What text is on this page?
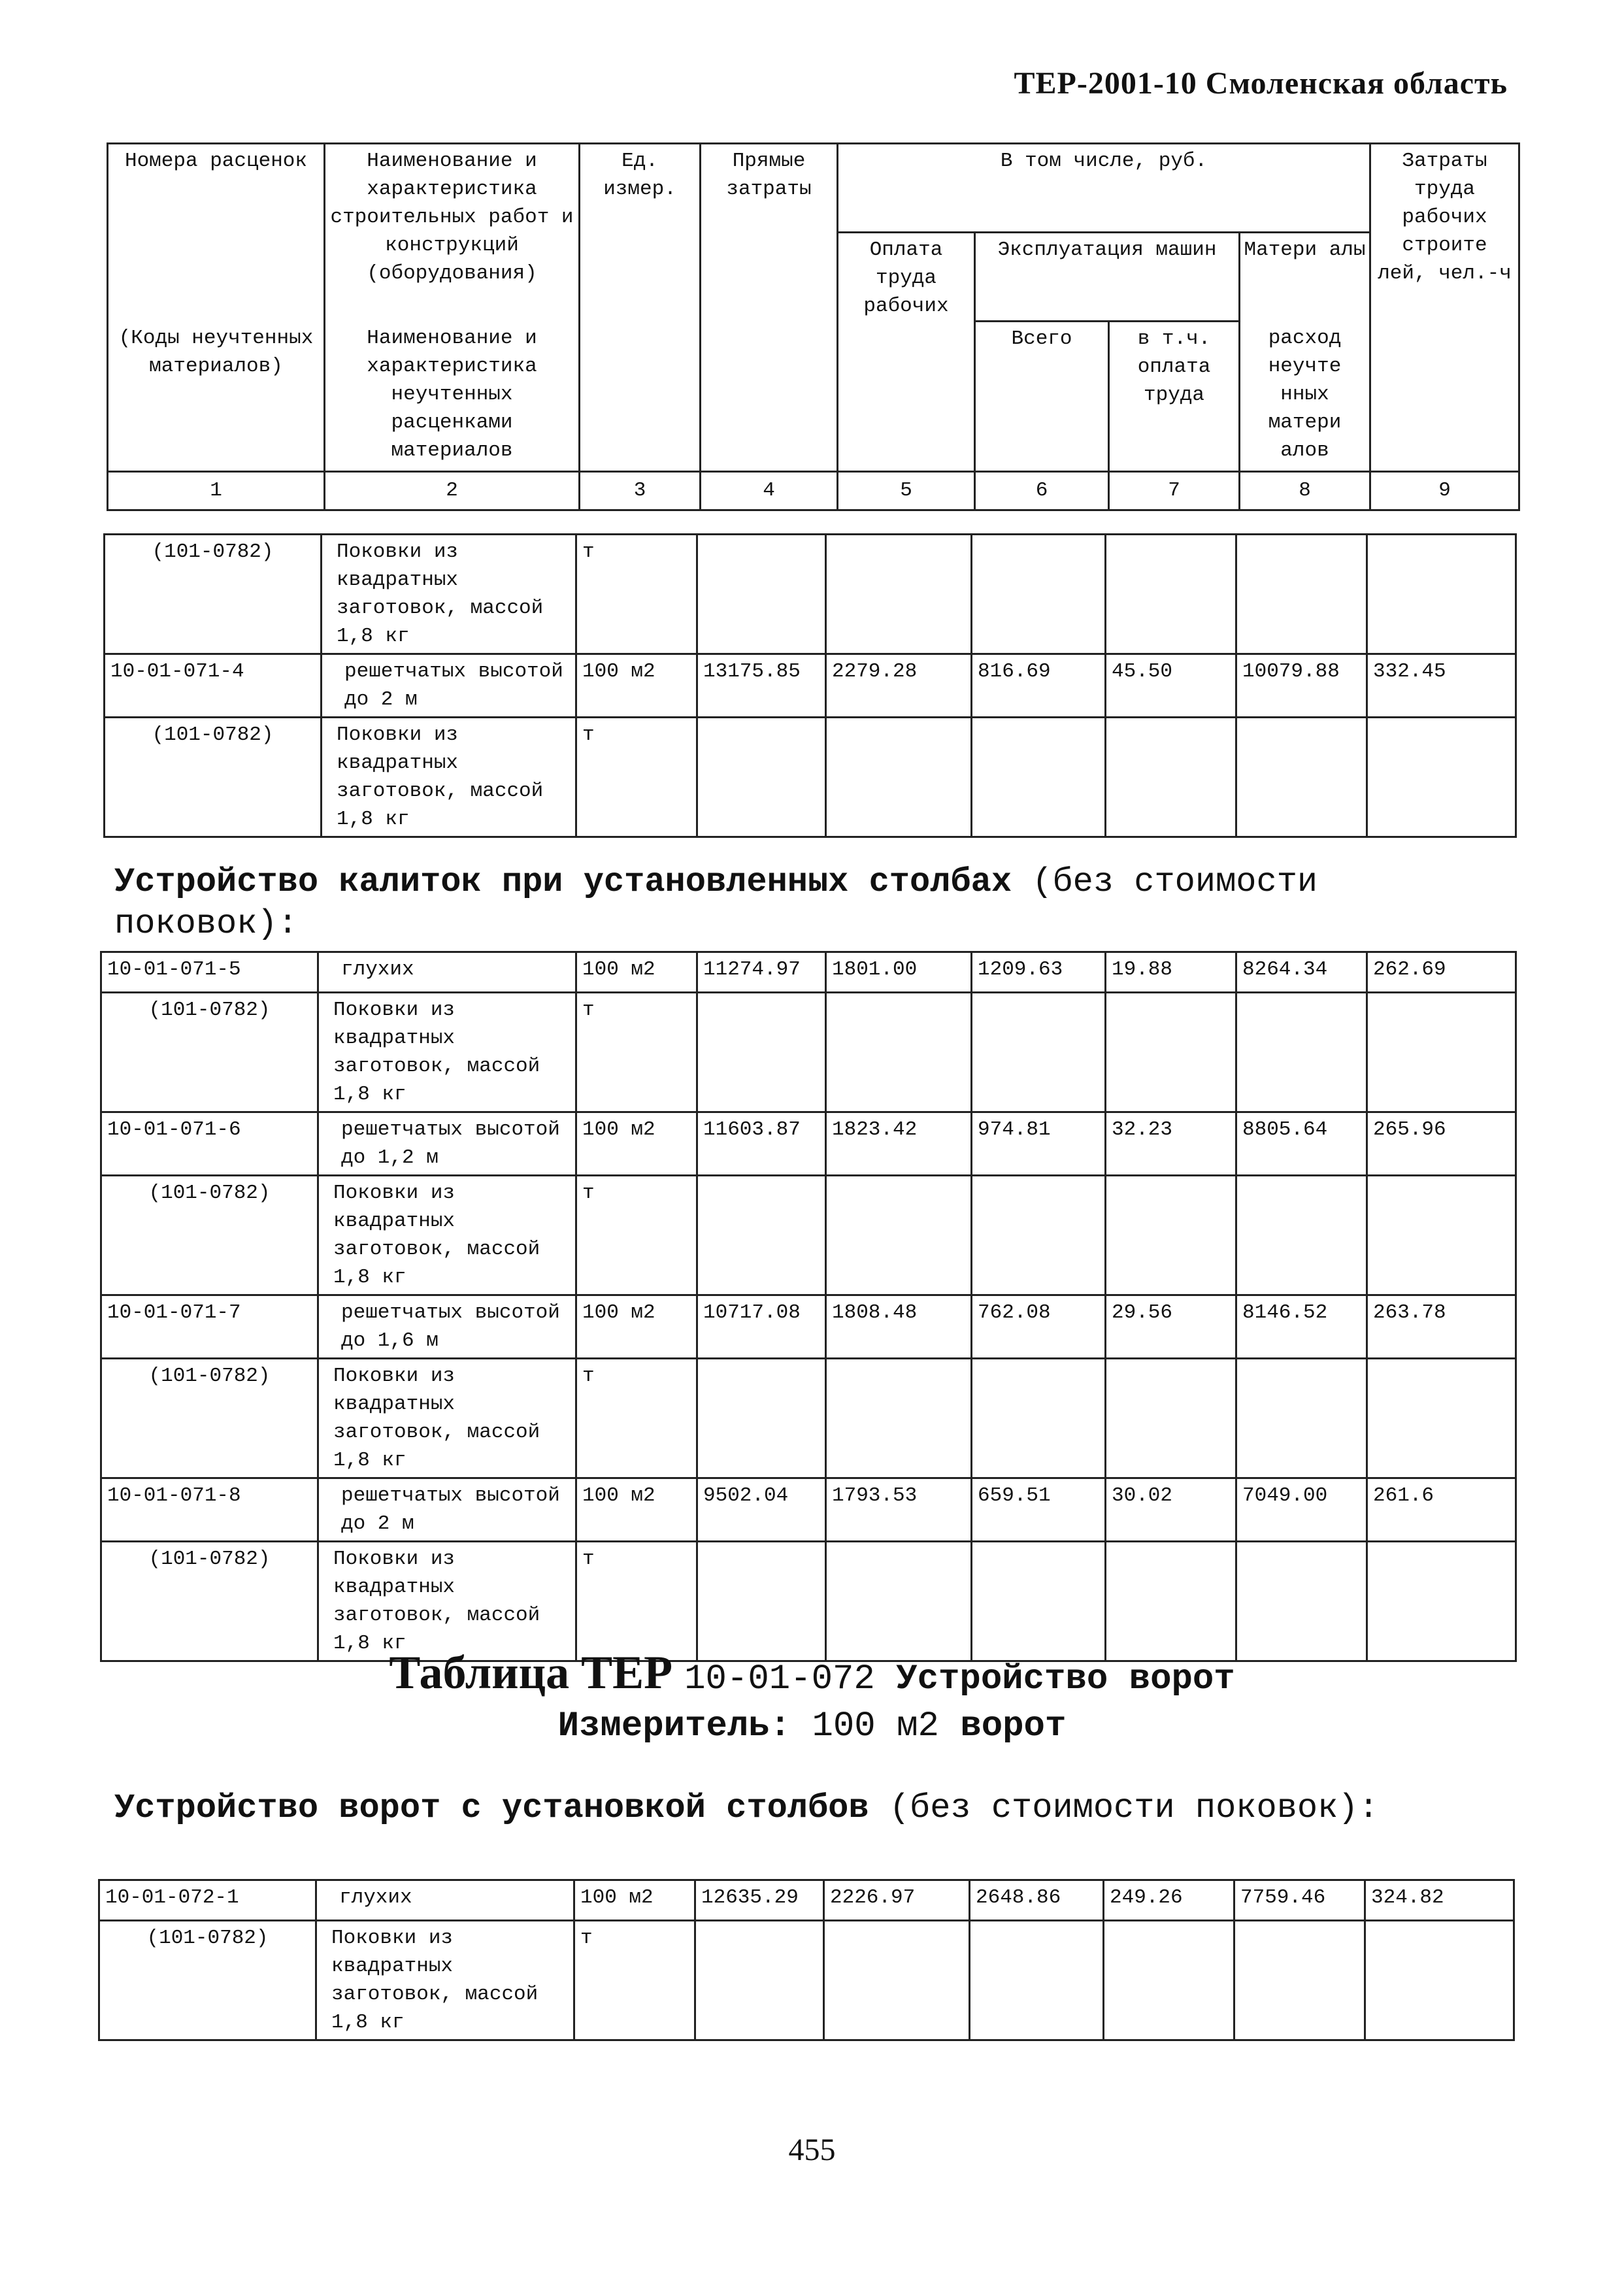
ТЕР-2001-10 Смоленская область
Номера расценок	Наименование и характеристика строительных работ и конструкций (оборудования)	Ед. измер.	Прямые затраты	В том числе, руб.				Затраты труда рабочих строите лей, чел.-ч
				Оплата труда рабочих	Эксплуатация машин		Матери алы	
(Коды неучтенных материалов)	Наименование и характеристика неучтенных расценками материалов				Всего	в т.ч. оплата труда	расход неучте нных матери алов	
1	2	3	4	5	6	7	8	9
(101-0782)	Поковки из квадратных заготовок, массой 1,8 кг	т						
10-01-071-4	решетчатых высотой до 2 м	100 м2	13175.85	2279.28	816.69	45.50	10079.88	332.45
(101-0782)	Поковки из квадратных заготовок, массой 1,8 кг	т						
Устройство калиток при установленных столбах (без стоимости поковок):
10-01-071-5	глухих	100 м2	11274.97	1801.00	1209.63	19.88	8264.34	262.69
(101-0782)	Поковки из квадратных заготовок, массой 1,8 кг	т						
10-01-071-6	решетчатых высотой до 1,2 м	100 м2	11603.87	1823.42	974.81	32.23	8805.64	265.96
(101-0782)	Поковки из квадратных заготовок, массой 1,8 кг	т						
10-01-071-7	решетчатых высотой до 1,6 м	100 м2	10717.08	1808.48	762.08	29.56	8146.52	263.78
(101-0782)	Поковки из квадратных заготовок, массой 1,8 кг	т						
10-01-071-8	решетчатых высотой до 2 м	100 м2	9502.04	1793.53	659.51	30.02	7049.00	261.6
(101-0782)	Поковки из квадратных заготовок, массой 1,8 кг	т						
Таблица ТЕР 10-01-072 Устройство ворот
Измеритель: 100 м2 ворот
Устройство ворот с установкой столбов (без стоимости поковок):
10-01-072-1	глухих	100 м2	12635.29	2226.97	2648.86	249.26	7759.46	324.82
(101-0782)	Поковки из квадратных заготовок, массой 1,8 кг	т						
455
